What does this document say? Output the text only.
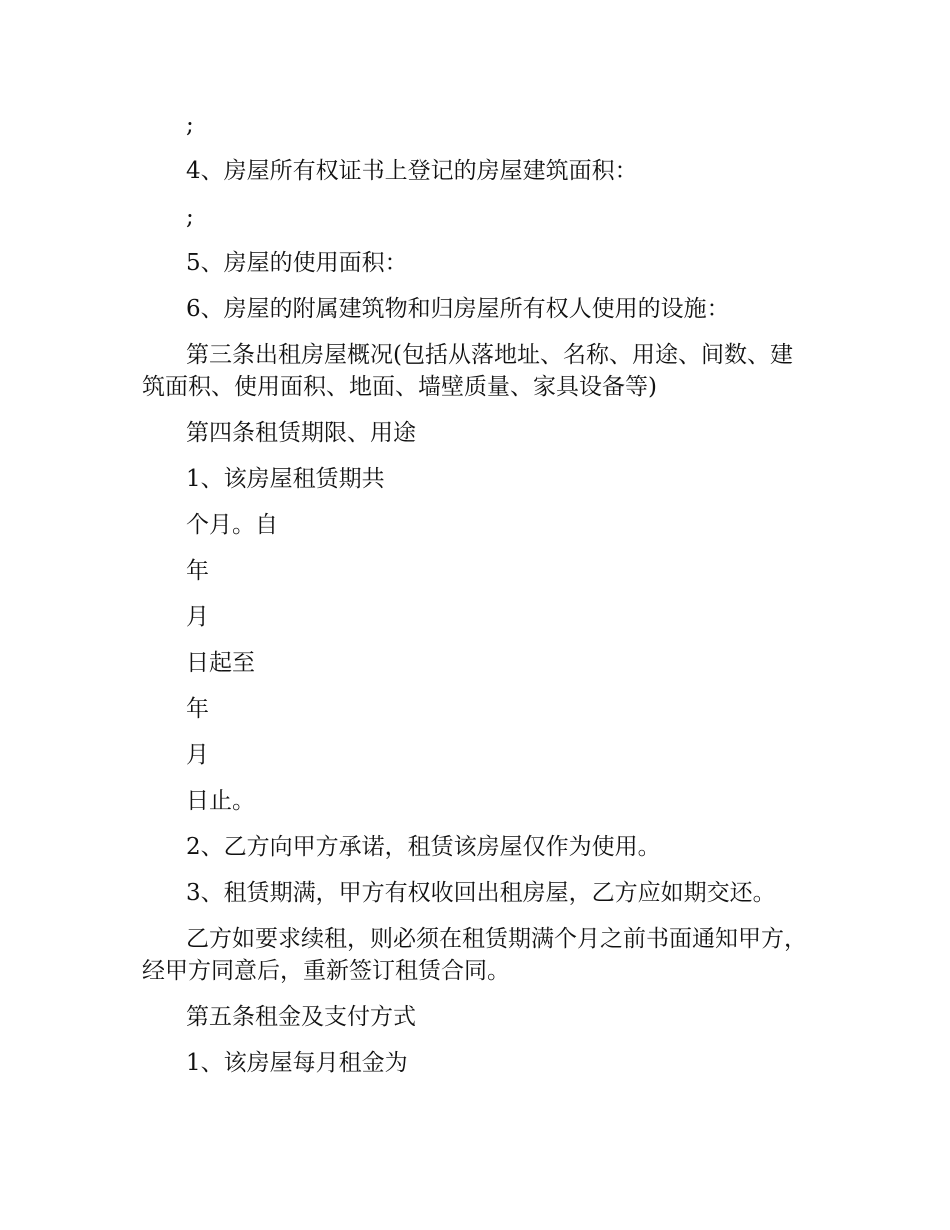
;

4、房屋所有权证书上登记的房屋建筑面积：

;

5、房屋的使用面积：

6、房屋的附属建筑物和归房屋所有权人使用的设施：

第三条出租房屋概况(包括从落地址、名称、用途、间数、建筑面积、使用面积、地面、墙壁质量、家具设备等)

第四条租赁期限、用途

1、该房屋租赁期共

个月。自

年

月

日起至

年

月

日止。

2、乙方向甲方承诺，租赁该房屋仅作为使用。

3、租赁期满，甲方有权收回出租房屋，乙方应如期交还。

乙方如要求续租，则必须在租赁期满个月之前书面通知甲方，经甲方同意后，重新签订租赁合同。

第五条租金及支付方式

1、该房屋每月租金为
